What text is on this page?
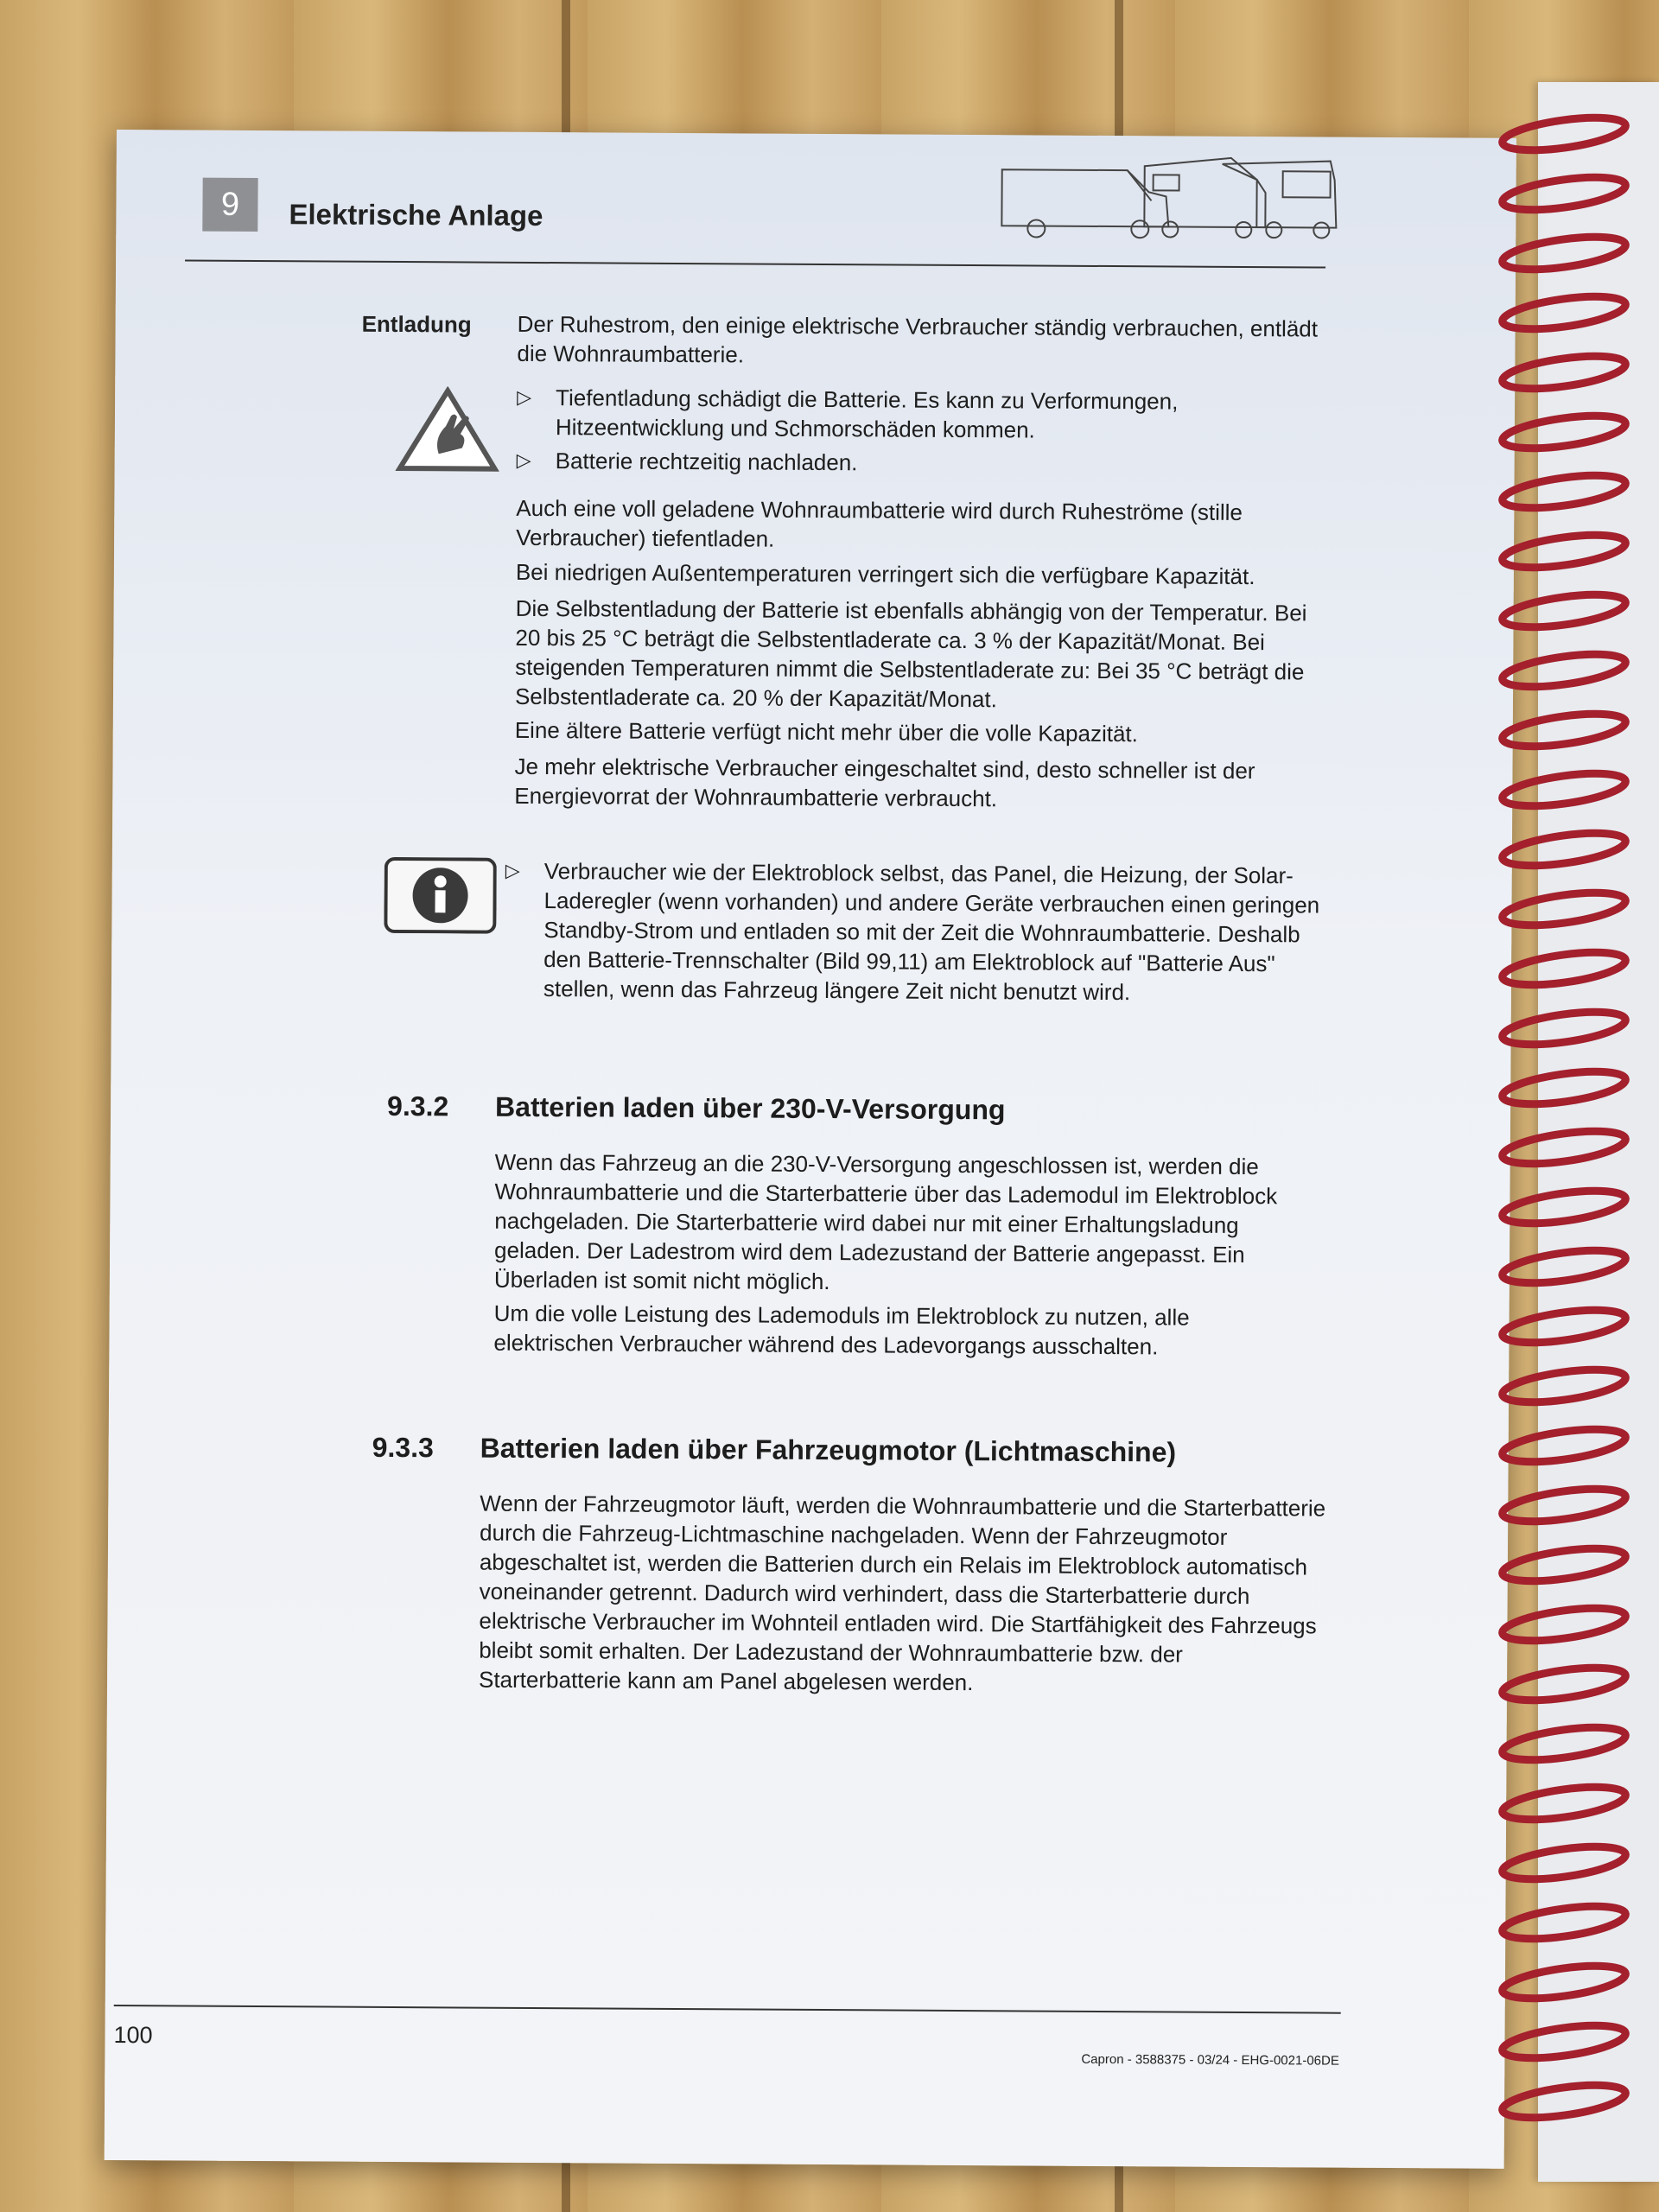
9	Elektrische Anlage
Entladung Der Ruhestrom, den einige elektrische Verbraucher ständig verbrauchen, entlädt die Wohnraumbatterie.
▷ Tiefentladung schädigt die Batterie. Es kann zu Verformungen, Hitzeentwicklung und Schmorschäden kommen.
▷ Batterie rechtzeitig nachladen.
Auch eine voll geladene Wohnraumbatterie wird durch Ruheströme (stille Verbraucher) tiefentladen.
Bei niedrigen Außentemperaturen verringert sich die verfügbare Kapazität.
Die Selbstentladung der Batterie ist ebenfalls abhängig von der Temperatur. Bei 20 bis 25 °C beträgt die Selbstentladerate ca. 3 % der Kapazität/Monat. Bei steigenden Temperaturen nimmt die Selbstentladerate zu: Bei 35 °C beträgt die Selbstentladerate ca. 20 % der Kapazität/Monat.
Eine ältere Batterie verfügt nicht mehr über die volle Kapazität.
Je mehr elektrische Verbraucher eingeschaltet sind, desto schneller ist der Energievorrat der Wohnraumbatterie verbraucht.
▷ Verbraucher wie der Elektroblock selbst, das Panel, die Heizung, der Solar-Laderegler (wenn vorhanden) und andere Geräte verbrauchen einen geringen Standby-Strom und entladen so mit der Zeit die Wohnraumbatterie. Deshalb den Batterie-Trennschalter (Bild 99,11) am Elektroblock auf "Batterie Aus" stellen, wenn das Fahrzeug längere Zeit nicht benutzt wird.
9.3.2 Batterien laden über 230-V-Versorgung
Wenn das Fahrzeug an die 230-V-Versorgung angeschlossen ist, werden die Wohnraumbatterie und die Starterbatterie über das Lademodul im Elektroblock nachgeladen. Die Starterbatterie wird dabei nur mit einer Erhaltungsladung geladen. Der Ladestrom wird dem Ladezustand der Batterie angepasst. Ein Überladen ist somit nicht möglich.
Um die volle Leistung des Lademoduls im Elektroblock zu nutzen, alle elektrischen Verbraucher während des Ladevorgangs ausschalten.
9.3.3 Batterien laden über Fahrzeugmotor (Lichtmaschine)
Wenn der Fahrzeugmotor läuft, werden die Wohnraumbatterie und die Starterbatterie durch die Fahrzeug-Lichtmaschine nachgeladen. Wenn der Fahrzeugmotor abgeschaltet ist, werden die Batterien durch ein Relais im Elektroblock automatisch voneinander getrennt. Dadurch wird verhindert, dass die Starterbatterie durch elektrische Verbraucher im Wohnteil entladen wird. Die Startfähigkeit des Fahrzeugs bleibt somit erhalten. Der Ladezustand der Wohnraumbatterie bzw. der Starterbatterie kann am Panel abgelesen werden.
100
Capron - 3588375 - 03/24 - EHG-0021-06DE
